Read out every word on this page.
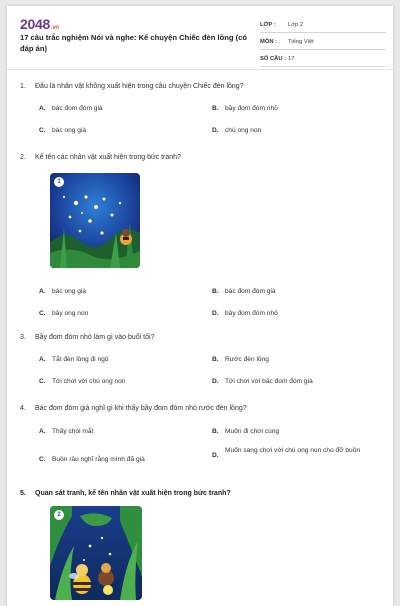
2048.vn
17 câu trắc nghiệm Nói và nghe: Kể chuyện Chiếc đèn lồng (có đáp án)
LỚP : Lớp 2
MÔN : Tiếng Việt
SỐ CÂU : 17
1. Đâu là nhân vật không xuất hiện trong câu chuyện Chiếc đèn lồng?
A. bác đom đóm già	B. bầy đom đóm nhỏ
C. bác ong già	D. chú ong non
2. Kể tên các nhân vật xuất hiện trong bức tranh?
1
A. bác ong già	B. bác đom đóm già
C. bầy ong non	D. bầy đom đóm nhỏ
3. Bầy đom đóm nhỏ làm gì vào buổi tối?
A. Tắt đèn lồng đi ngủ	B. Rước đèn lồng
C. Tới chơi với chú ong non	D. Tới chơi với bác đom đóm già
4. Bác đom đóm già nghĩ gì khi thấy bầy đom đóm nhỏ rước đèn lồng?
A. Thấy chói mắt	B. Muốn đi chơi cùng
C. Buồn rầu nghĩ rằng mình đã già
D.
Muốn sang chơi với chú ong non cho đỡ buồn
5. Quan sát tranh, kể tên nhân vật xuất hiện trong bức tranh?
2
